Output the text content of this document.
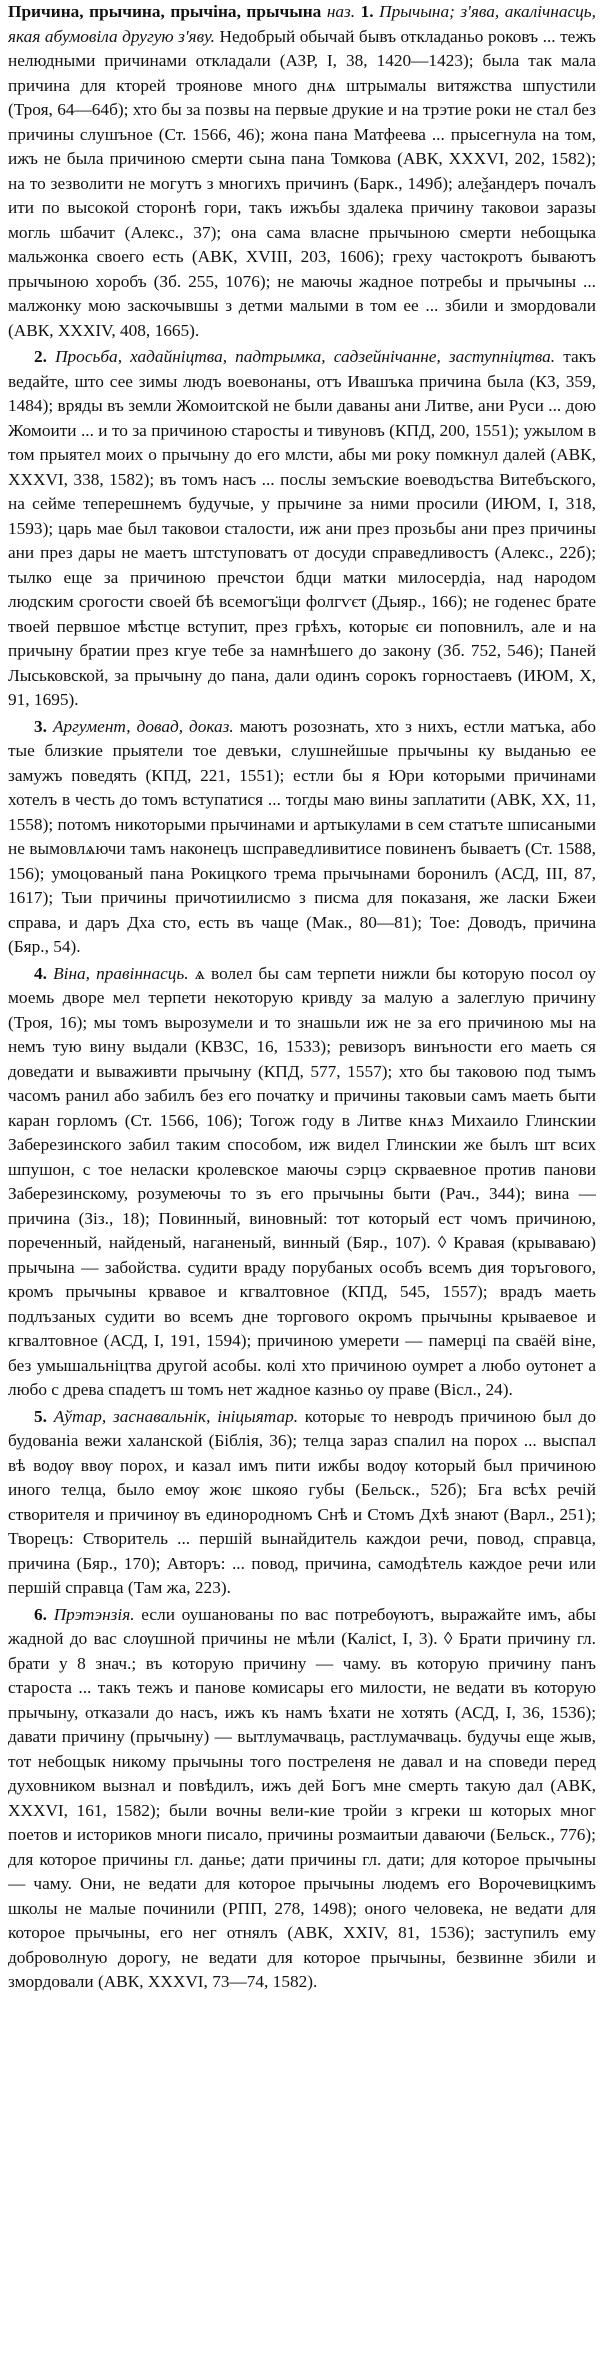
Причина, прычина, прычіна, прычына наз. 1. Прычына; з'ява, акалічнасць, якая абумовіла другую з'яву. Недобрый обычай бывъ откладаньо роковъ ... тежъ нелюдными причинами откладали (АЗР, I, 38, 1420—1423); была так мала причина для кторей троянове много днѧ штрымалы витяжства шпустили (Троя, 64—64б); хто бы за позвы на первые друкие и на трэтие роки не стал без причины слушъное (Ст. 1566, 46); жона пана Матфеева ... прысегнула на том, ижъ не была причиною смерти сына пана Томкова (АВК, XXXVI, 202, 1582); на то зезволити не могутъ з многихъ причинъ (Барк., 149б); алеѯандеръ почалъ ити по высокой сторонѣ гори, такъ ижъбы здалека причину таковои заразы могль шбачит (Алекс., 37); она сама власне прычыною смерти небощыка мальжонка своего есть (АВК, XVIII, 203, 1606); греху частокротъ бываютъ прычыною хоробъ (Зб. 255, 1076); не маючы жадное потребы и прычыны ... малжонку мою заскочывшы з детми малыми в том ее ... збили и змордовали (АВК, XXXIV, 408, 1665).

2. Просьба, хадайніцтва, падтрымка, садзейнічанне, заступніцтва. такъ ведайте, што сее зимы людъ воевонаны, отъ Ивашъка причина была (КЗ, 359, 1484); вряды въ земли Жомоитской не были даваны ани Литве, ани Руси ... дою Жомоити ... и то за причиною старосты и тивуновъ (КПД, 200, 1551); ужылом в том прыятел моих о прычыну до его млсти, абы ми року помкнул далей (АВК, XXXVI, 338, 1582); въ томъ насъ ... послы земъские воеводъства Витебъского, на сейме теперешнемъ будучые, у прычине за ними просили (ИЮМ, I, 318, 1593); царь мае был таковои сталости, иж ани през прозьбы ани през причины ани през дары не маетъ штступоватъ от досуди справедливостъ (Алекс., 22б); тылко еще за причиною пречстои бдци матки милосердіа, над народом людским срогости своей бѣ всемогъ̈щи фолгѵєт (Дыяр., 166); не годенес брате твоей первшое мѣстце вступит, през грѣхъ, которыє єи поповнилъ, але и на причыну братии през кгуе тебе за намнѣшего до закону (Зб. 752, 546); Паней Лыськовской, за прычыну до пана, дали одинъ сорокъ горностаевъ (ИЮМ, X, 91, 1695).

3. Аргумент, довад, доказ. маютъ розознать, хто з нихъ, естли матъка, або тые близкие прыятели тое девъки, слушнейшые прычыны ку выданью ее замужъ поведять (КПД, 221, 1551); естли бы я Юри которыми причинами хотелъ в честь до томъ вступатися ... тогды маю вины заплатити (АВК, XX, 11, 1558); потомъ никоторыми прычинами и артыкулами в сем статъте шписаными не вымовлѧючи тамъ наконецъ шсправедливитисе повиненъ бываетъ (Ст. 1588, 156); умоцованый пана Рокицкого трема прычынами боронилъ (АСД, III, 87, 1617); Тыи причины причотиилисмо з писма для показаня, же ласки Бжеи справа, и даръ Дха сто, есть въ чаще (Мак., 80—81); Тое: Доводъ, причина (Бяр., 54).

4. Віна, правіннасць. ѧ волел бы сам терпети нижли бы которую посол оу моемь дворе мел терпети некоторую кривду за малую а залеглую причину (Троя, 16); мы томъ вырозумели и то знашьли иж не за его причиною мы на немъ тую вину выдали (КВЗС, 16, 1533); ревизоръ винъности его маеть ся доведати и вываживти прычыну (КПД, 577, 1557); хто бы таковою под тымъ часомъ ранил або забилъ без его початку и причины таковыи самъ маеть быти каран горломъ (Ст. 1566, 106); Тогож году в Литве кнѧз Михаило Глинскии Заберезинского забил таким способом, иж видел Глинскии же былъ шт всих шпушон, с тое неласки кролевское маючы сэрцэ скрваевное против панови Заберезинскому, розумеючы то зъ его прычыны быти (Рач., 344); вина — причина (Зіз., 18); Повинный, виновный: тот который ест чомъ причиною, пореченный, найденый, наганеный, винный (Бяр., 107). ◊ Кравая (крываваю) прычына — забойства. судити враду порубаных особъ всемъ дия торъгового, кромъ прычыны крвавое и кгвалтовное (КПД, 545, 1557); врадъ маеть подлъзаных судити во всемъ дне торгового окромъ прычыны крываевое и кгвалтовное (АСД, I, 191, 1594); причиною умерети — памерці па сваёй віне, без умышальніцтва другой асобы. колі хто причиною оумрет а любо оутонет а любо с древа спадетъ ш томъ нет жадное казньо оу праве (Віcл., 24).

5. Аўтар, заснавальнік, ініцыятар. которыє то невродъ причиною был до будованіа вежи халанской (Біблія, 36); телца зараз спалил на порох ... выспал вѣ водѹ ввѹ порох, и казал имъ пити ижбы водѹ который был причиною иного телца, было емѹ жоѥ шкояо губы (Бельск., 52б); Бга всѣх речій створителя и причинѹ въ единородномъ Снѣ и Стомъ Дхѣ знают (Варл., 251); Творецъ: Створитель ... першій вынайдитель каждои речи, повод, справца, причина (Бяр., 170); Авторъ: ... повод, причина, самодѣтель каждое речи или першій справца (Там жа, 223).

6. Прэтэнзія. если оушанованы по вас потребѹютъ, выражайте имъ, абы жадной до вас слѹшной причины не мѣли (Калісt, I, 3). ◊ Брати причину гл. брати у 8 знач.; въ которую причину — чаму. въ которую причину панъ староста ... такъ тежъ и панове комисары его милости, не ведати въ которую прычыну, отказали до насъ, ижъ къ намъ ѣхати не хотять (АСД, I, 36, 1536); давати причину (прычыну) — вытлумачваць, растлумачваць. будучы еще жыв, тот небощык никому прычыны того постреленя не давал и на споведи перед духовником вызнал и повѣдилъ, ижъ дей Богъ мне смерть такую дал (АВК, XXXVI, 161, 1582); были вочны вели-кие тройи з кгреки ш которых мног поетов и историков многи писало, причины розмаитыи даваючи (Бельск., 776); для которое причины гл. данье; дати причины гл. дати; для которое прычыны — чаму. Они, не ведати для которое прычыны людемъ его Ворочевицкимъ школы не малые починили (РПП, 278, 1498); оного человека, не ведати для которое прычыны, его нег отнялъ (АВК, XXIV, 81, 1536); заступилъ ему доброволную дорогу, не ведати для которое прычыны, безвинне збили и змордовали (АВК, XXXVI, 73—74, 1582).
